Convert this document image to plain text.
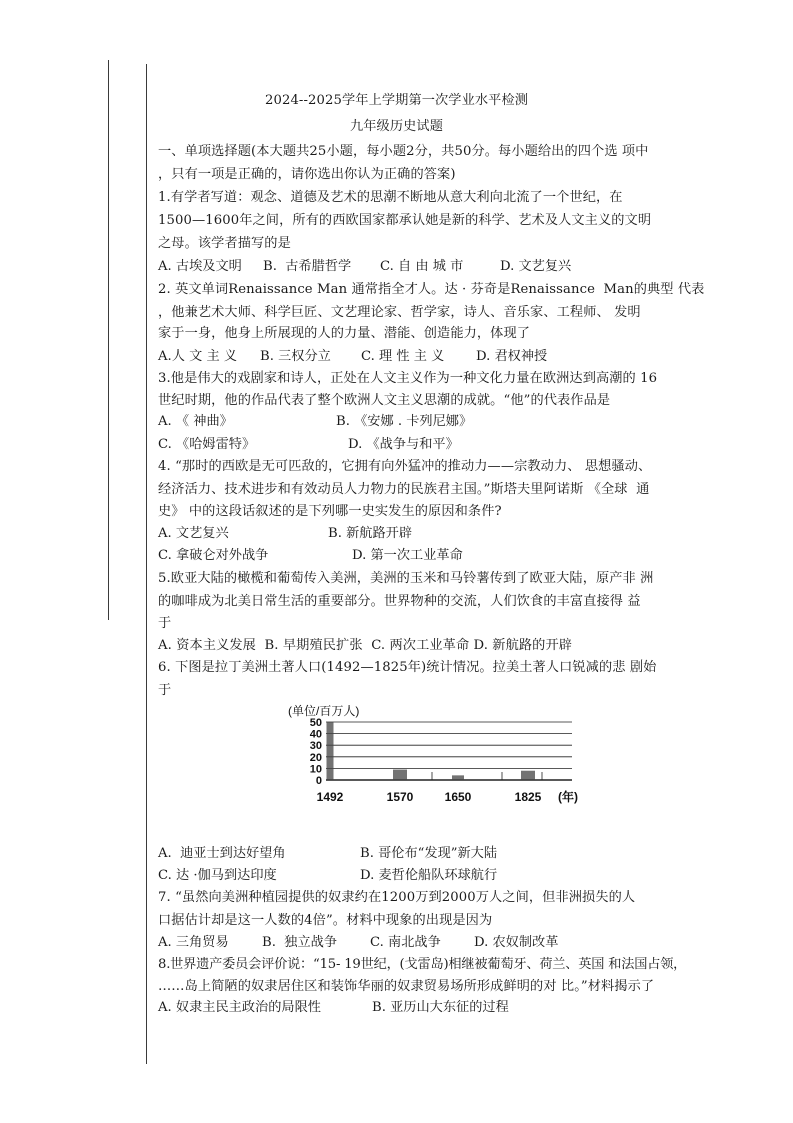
2024--2025学年上学期第一次学业水平检测
九年级历史试题
一、单项选择题(本大题共25小题，每小题2分，共50分。每小题给出的四个选 项中
，只有一项是正确的，请你选出你认为正确的答案)
1.有学者写道：观念、道德及艺术的思潮不断地从意大利向北流了一个世纪，在
1500—1600年之间，所有的西欧国家都承认她是新的科学、艺术及人文主义的文明
之母。该学者描写的是
A. 古埃及文明 B.  古希腊哲学 C. 自 由 城 市	D. 文艺复兴
2. 英文单词Renaissance Man 通常指全才人。达 · 芬奇是Renaissance  Man的典型 代表
，他兼艺术大师、科学巨匠、文艺理论家、哲学家，诗人、音乐家、工程师、 发明
家于一身，他身上所展现的人的力量、潜能、创造能力，体现了
A.人 文 主 义 B. 三权分立 C. 理 性 主 义 D. 君权神授
3.他是伟大的戏剧家和诗人，正处在人文主义作为一种文化力量在欧洲达到高潮的 16
世纪时期，他的作品代表了整个欧洲人文主义思潮的成就。“他”的代表作品是
A. 《 神曲》	B. 《安娜 . 卡列尼娜》
C. 《哈姆雷特》	D. 《战争与和平》
4. “那时的西欧是无可匹敌的，它拥有向外猛冲的推动力——宗教动力、 思想骚动、
经济活力、技术进步和有效动员人力物力的民族君主国。”斯塔夫里阿诺斯 《全球  通
史》 中的这段话叙述的是下列哪一史实发生的原因和条件?
A. 文艺复兴	B. 新航路开辟
C. 拿破仑对外战争	D. 第一次工业革命
5.欧亚大陆的橄榄和葡萄传入美洲，美洲的玉米和马铃薯传到了欧亚大陆，原产非 洲
的咖啡成为北美日常生活的重要部分。世界物种的交流，人们饮食的丰富直接得 益
于
A. 资本主义发展  B. 早期殖民扩张  C. 两次工业革命 D. 新航路的开辟
6. 下图是拉丁美洲土著人口(1492—1825年)统计情况。拉美土著人口锐减的悲 剧始
于
(单位/百万人)
50
40
30
20
10
0
1492	1570	1650	1825 (年)
A.  迪亚士到达好望角	B. 哥伦布“发现”新大陆
C. 达 ·伽马到达印度	D. 麦哲伦船队环球航行
7. “虽然向美洲种植园提供的奴隶约在1200万到2000万人之间，但非洲损失的人
口据估计却是这一人数的4倍”。材料中现象的出现是因为
A. 三角贸易	B.  独立战争 C. 南北战争	D. 农奴制改革
8.世界遗产委员会评价说：“15- 19世纪，(戈雷岛)相继被葡萄牙、荷兰、英国 和法国占领，
……岛上简陋的奴隶居住区和装饰华丽的奴隶贸易场所形成鲜明的对 比。”材料揭示了
A. 奴隶主民主政治的局限性	B. 亚历山大东征的过程
